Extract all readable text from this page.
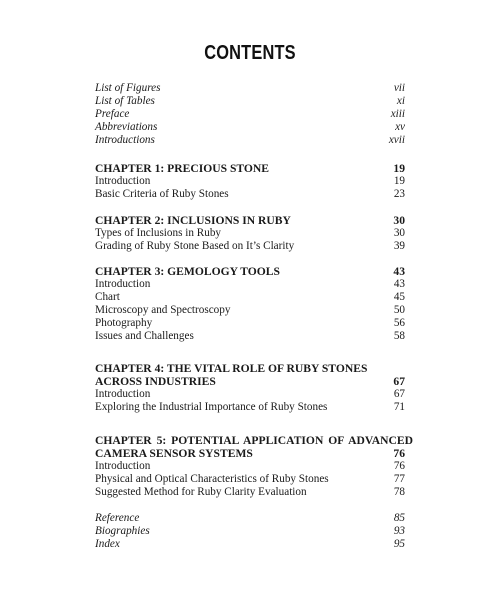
CONTENTS
List of Figures	vii
List of Tables	xi
Preface	xiii
Abbreviations	xv
Introductions	xvii
CHAPTER 1: PRECIOUS STONE	19
Introduction	19
Basic Criteria of Ruby Stones	23
CHAPTER 2: INCLUSIONS IN RUBY	30
Types of Inclusions in Ruby	30
Grading of Ruby Stone Based on It’s Clarity	39
CHAPTER 3: GEMOLOGY TOOLS	43
Introduction	43
Chart	45
Microscopy and Spectroscopy	50
Photography	56
Issues and Challenges	58
CHAPTER 4: THE VITAL ROLE OF RUBY STONES
ACROSS INDUSTRIES	67
Introduction	67
Exploring the Industrial Importance of Ruby Stones	71
CHAPTER 5: POTENTIAL APPLICATION OF ADVANCED
CAMERA SENSOR SYSTEMS	76
Introduction	76
Physical and Optical Characteristics of Ruby Stones	77
Suggested Method for Ruby Clarity Evaluation	78
Reference	85
Biographies	93
Index	95
